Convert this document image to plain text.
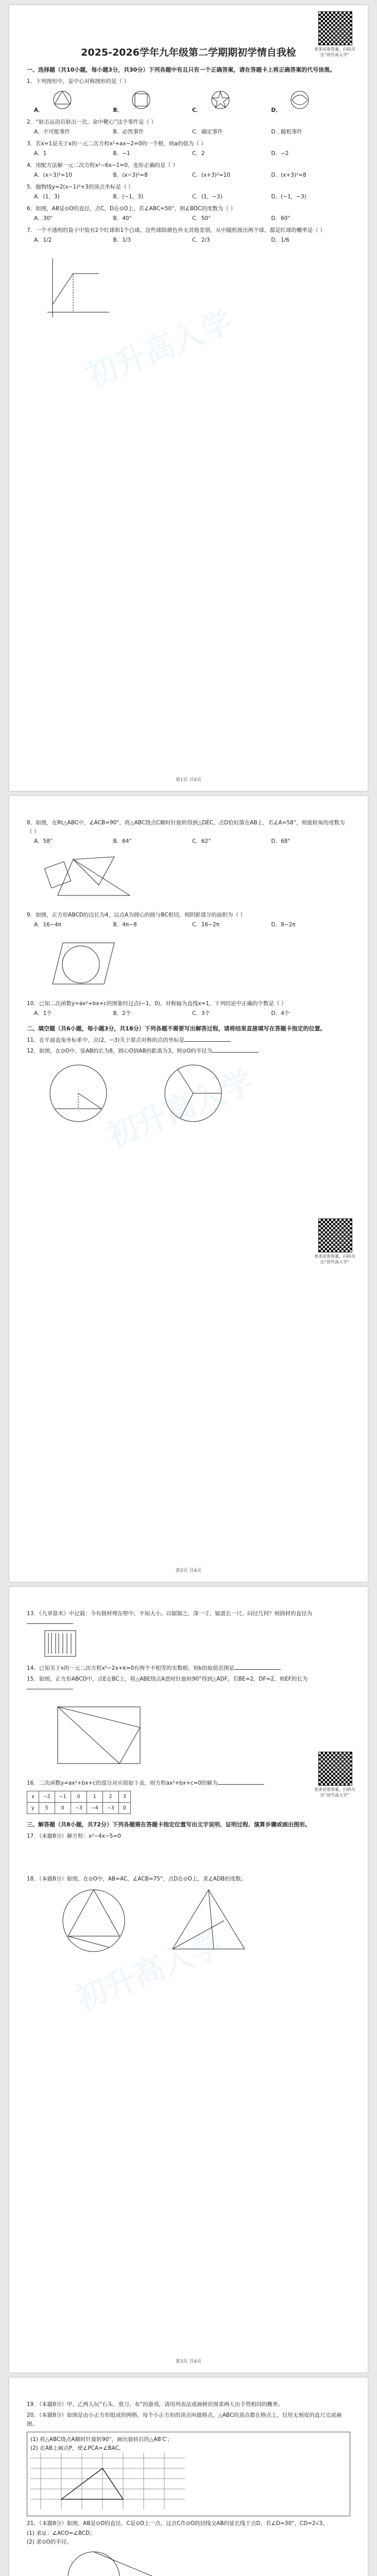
更多试卷答案，扫码关注“初升高入学”
初升高入学
2025-2026学年九年级第二学期期初学情自我检
一、选择题（共10小题，每小题3分，共30分）下列各题中有且只有一个正确答案，请在答题卡上将正确答案的代号涂黑。
1．下列图形中，是中心对称图形的是（ ）
A．	B．	C．	D．
2．“射击运动员射击一次，命中靶心”这个事件是（ ）
A．不可能事件	B．必然事件	C．确定事件	D．随机事件
3．若x=1是关于x的一元二次方程x²+ax−2=0的一个根，则a的值为（ ）
A．1	B．−1	C．2	D．−2
4．用配方法解一元二次方程x²−6x−1=0，变形正确的是（ ）
A．(x−3)²=10	B．(x−3)²=8	C．(x+3)²=10	D．(x+3)²=8
5．抛物线y=2(x−1)²+3的顶点坐标是（ ）
A．(1，3)	B．(−1，3)	C．(1，−3)	D．(−1，−3)
6．如图，AB是⊙O的直径，点C，D在⊙O上，若∠ABC=50°，则∠BDC的度数为（ ）
A．30°	B．40°	C．50°	D．60°
7．一个不透明的袋子中装有2个红球和1个白球，这些球除颜色外无其他差别，从中随机摸出两个球，都是红球的概率是（ ）
A．1/2	B．1/3	C．2/3	D．1/6
第1页 共4页
初升高入学
更多试卷答案，扫码关注“初升高入学”
8．如图，在Rt△ABC中，∠ACB=90°，将△ABC绕点C顺时针旋转得到△DEC，点D恰好落在AB上，若∠A=58°，则旋转角的度数为（ ）
A．58°	B．64°	C．62°	D．68°
9．如图，正方形ABCD的边长为4，以点A为圆心的圆与BC相切，则阴影部分的面积为（ ）
A．16−4π	B．4π−8	C．16−2π	D．8−2π
10．已知二次函数y=ax²+bx+c的图象经过点(−1，0)，对称轴为直线x=1，下列结论中正确的个数是（ ）
A．1个	B．2个	C．3个	D．4个
二、填空题（共6小题，每小题3分，共18分）下列各题不需要写出解答过程，请将结果直接填写在答题卡指定的位置。
11．在平面直角坐标系中，点(2，−3)关于原点对称的点的坐标是
12．如图，在⊙O中，弦AB的长为8，圆心O到AB的距离为3，则⊙O的半径为

第2页 共4页
初升高入学
更多试卷答案，扫码关注“初升高入学”
13．《九章算术》中记载：今有圆材埋在壁中，不知大小。以锯锯之，深一寸，锯道长一尺。问径几何？则圆材的直径为
14．已知关于x的一元二次方程x²−2x+k=0有两个不相等的实数根，则k的取值范围是
15．如图，正方形ABCD中，点E在BC上，将△ABE绕点A逆时针旋转90°得到△ADF，若BE=2，DF=2，则EF的长为
16．二次函数y=ax²+bx+c的部分对应值如下表，则方程ax²+bx+c=0的解为
x	−2	−1	0	1	2	3
y	5	0	−3	−4	−3	0
三、解答题（共8小题，共72分）下列各题需在答题卡指定位置写出文字说明、证明过程、演算步骤或画出图形。
17．（本题8分）解方程：x²−4x−5=0
18．（本题8分）如图，在⊙O中，AB=AC，∠ACB=75°，点D在⊙O上，求∠ADB的度数。

第3页 共4页
19．（本题8分）甲、乙两人玩“石头、剪刀、布”的游戏，请用列表法或画树状图求两人出手势相同的概率。
20．（本题8分）如图是由小正方形组成的网格，每个小正方形的顶点叫做格点，△ABC的顶点都在格点上，仅用无刻度的直尺完成画图。
(1) 将△ABC绕点A顺时针旋转90°，画出旋转后的△AB′C′；
(2) 在AB上画点P，使∠PCA=∠BAC。
21．（本题8分）如图，AB是⊙O的直径，C是⊙O上一点，过点C作⊙O的切线交AB的延长线于点D，若∠D=30°，CD=2√3。
(1) 求证：∠ACO=∠BCD；
(2) 求⊙O的半径。
